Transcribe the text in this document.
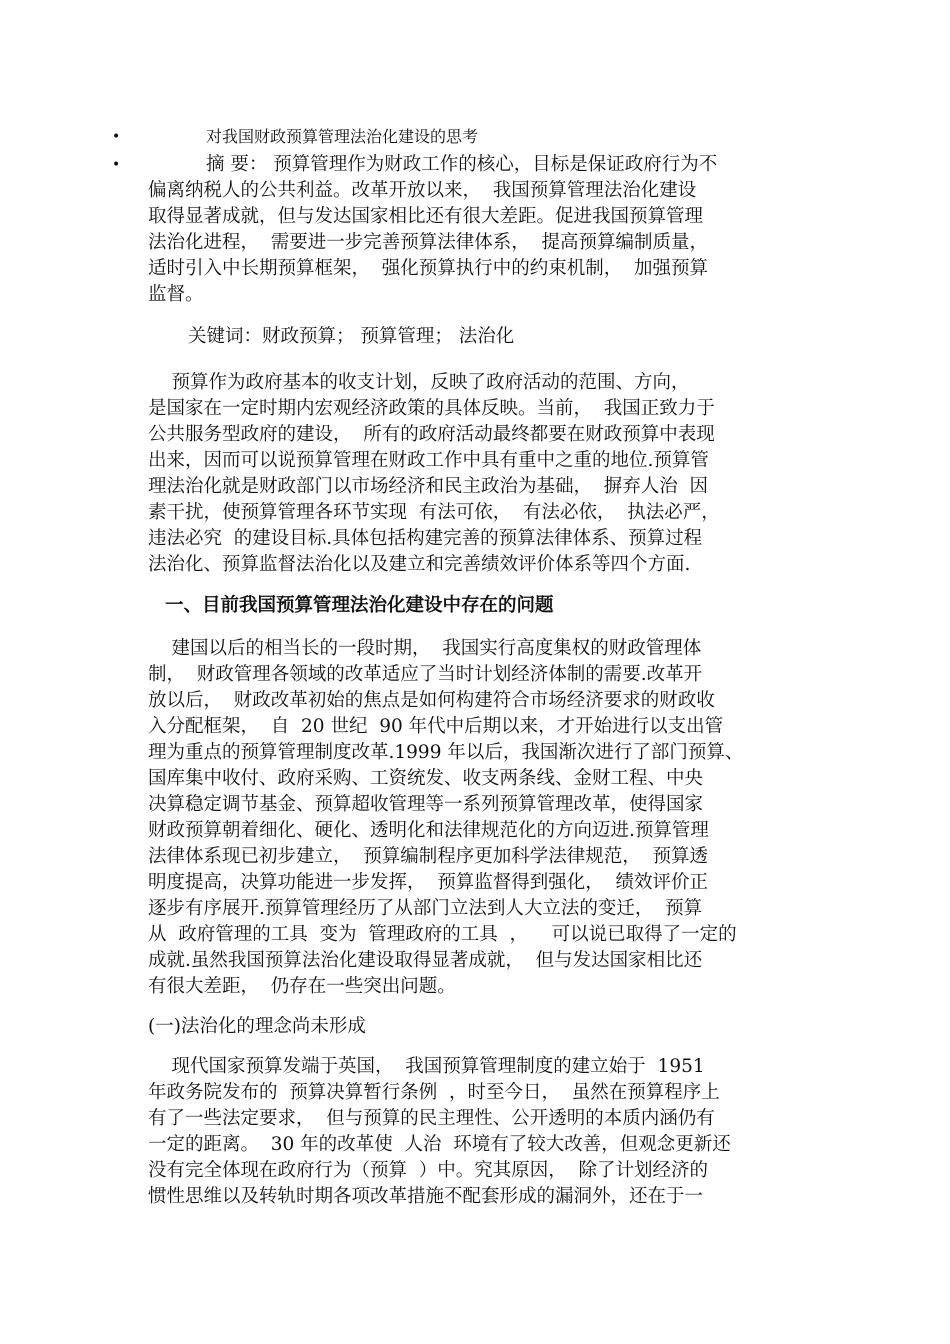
•	对我国财政预算管理法治化建设的思考
•	摘 要： 预算管理作为财政工作的核心，目标是保证政府行为不
偏离纳税人的公共利益。改革开放以来，  我国预算管理法治化建设
取得显著成就，但与发达国家相比还有很大差距。促进我国预算管理
法治化进程，  需要进一步完善预算法律体系，  提高预算编制质量，
适时引入中长期预算框架，  强化预算执行中的约束机制，  加强预算
监督。
关键词：财政预算； 预算管理； 法治化
预算作为政府基本的收支计划，反映了政府活动的范围、方向，
是国家在一定时期内宏观经济政策的具体反映。当前，  我国正致力于
公共服务型政府的建设，  所有的政府活动最终都要在财政预算中表现
出来，因而可以说预算管理在财政工作中具有重中之重的地位.预算管
理法治化就是财政部门以市场经济和民主政治为基础，  摒弃人治  因
素干扰，使预算管理各环节实现  有法可依，  有法必依，  执法必严，
违法必究  的建设目标.具体包括构建完善的预算法律体系、预算过程
法治化、预算监督法治化以及建立和完善绩效评价体系等四个方面.
一、目前我国预算管理法治化建设中存在的问题
建国以后的相当长的一段时期，  我国实行高度集权的财政管理体
制，  财政管理各领域的改革适应了当时计划经济体制的需要.改革开
放以后，  财政改革初始的焦点是如何构建符合市场经济要求的财政收
入分配框架，  自  20 世纪  90 年代中后期以来，才开始进行以支出管
理为重点的预算管理制度改革.1999 年以后，我国渐次进行了部门预算、
国库集中收付、政府采购、工资统发、收支两条线、金财工程、中央
决算稳定调节基金、预算超收管理等一系列预算管理改革，使得国家
财政预算朝着细化、硬化、透明化和法律规范化的方向迈进.预算管理
法律体系现已初步建立，  预算编制程序更加科学法律规范，  预算透
明度提高，决算功能进一步发挥，  预算监督得到强化，  绩效评价正
逐步有序展开.预算管理经历了从部门立法到人大立法的变迁，  预算
从  政府管理的工具  变为  管理政府的工具  ，    可以说已取得了一定的
成就.虽然我国预算法治化建设取得显著成就，  但与发达国家相比还
有很大差距，  仍存在一些突出问题。
(一)法治化的理念尚未形成
现代国家预算发端于英国，  我国预算管理制度的建立始于  1951
年政务院发布的  预算决算暂行条例  ，时至今日，  虽然在预算程序上
有了一些法定要求，  但与预算的民主理性、公开透明的本质内涵仍有
一定的距离。  30 年的改革使  人治  环境有了较大改善，但观念更新还
没有完全体现在政府行为（预算  ）中。究其原因，  除了计划经济的
惯性思维以及转轨时期各项改革措施不配套形成的漏洞外，还在于一
